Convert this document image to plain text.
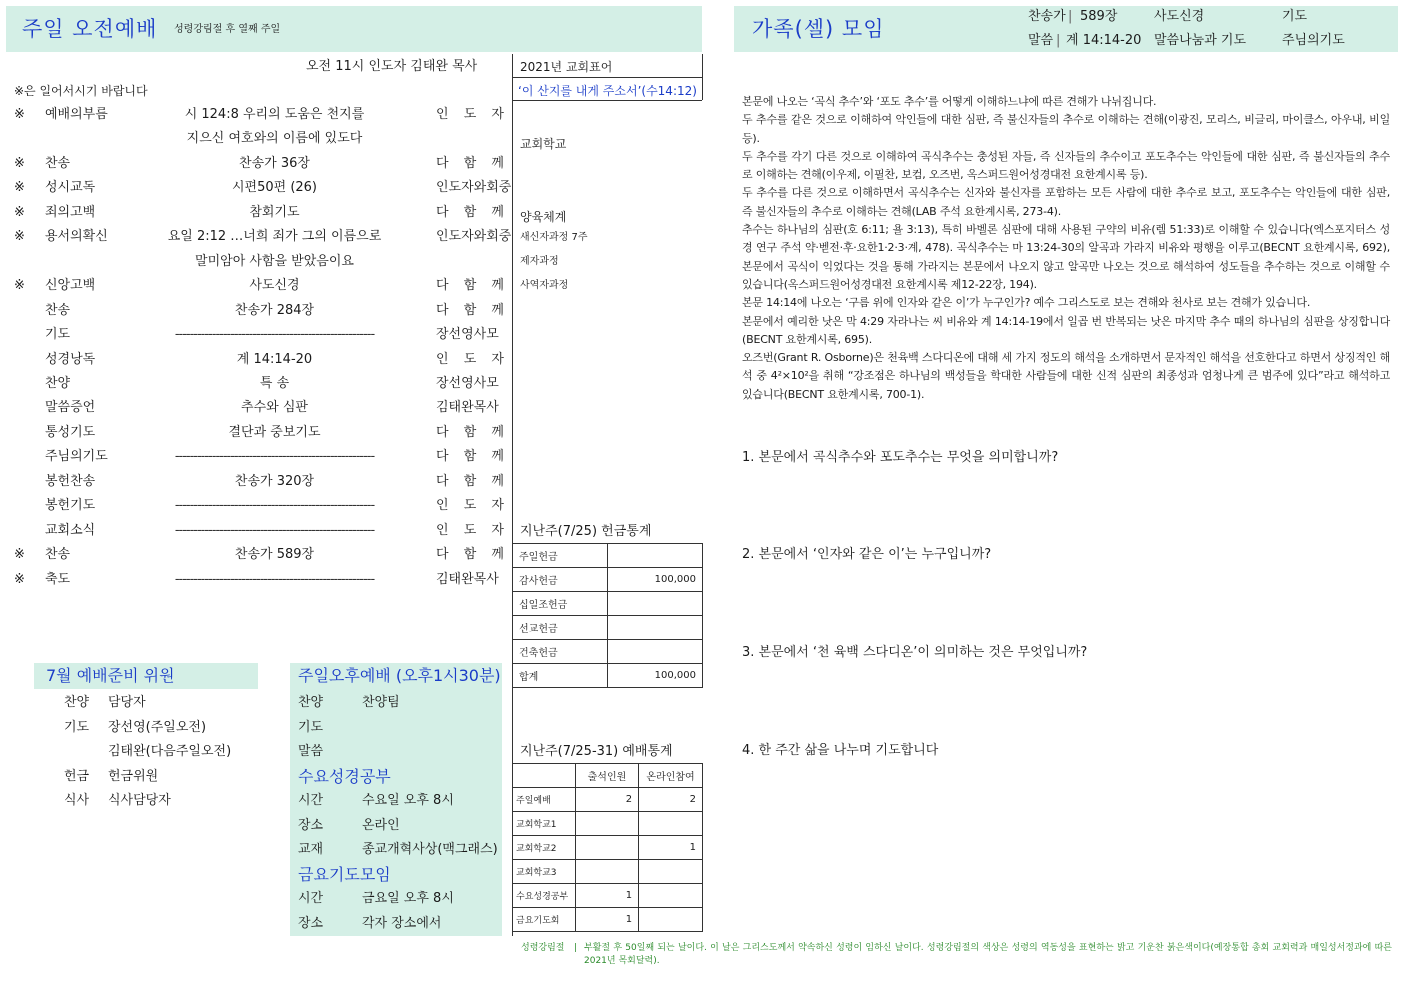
주일 오전예배 성령강림절 후 열째 주일
오전 11시 인도자 김태완 목사
※은 일어서시기 바랍니다
※ 예배의부름	시 124:8 우리의 도움은 천지를	인 도 자
지으신 여호와의 이름에 있도다
※ 찬송	찬송가 36장	다 함 께
※ 성시교독	시편50편 (26)	인도자와회중
※ 죄의고백	참회기도	다 함 께
※ 용서의확신	요일 2:12 …너희 죄가 그의 이름으로	인도자와회중
말미암아 사함을 받았음이요
※ 신앙고백	사도신경	다 함 께
찬송	찬송가 284장	다 함 께
기도	------------------------------------------------------	장선영사모
성경낭독	계 14:14-20	인 도 자
찬양	특 송	장선영사모
말씀증언	추수와 심판	김태완목사
통성기도	결단과 중보기도	다 함 께
주님의기도	------------------------------------------------------	다 함 께
봉헌찬송	찬송가 320장	다 함 께
봉헌기도	------------------------------------------------------	인 도 자
교회소식	------------------------------------------------------	인 도 자
※ 찬송	찬송가 589장	다 함 께
※ 축도	------------------------------------------------------	김태완목사
2021년 교회표어
‘이 산지를 내게 주소서’(수14:12)
교회학교
양육체계
새신자과정 7주
제자과정
사역자과정
지난주(7/25) 헌금통계
주일헌금	
감사헌금	100,000
십일조헌금	
선교헌금	
건축헌금	
합계	100,000
지난주(7/25-31) 예배통계
	출석인원	온라인참여
주일예배	2	2
교회학교1		
교회학교2		1
교회학교3		
수요성경공부	1	
금요기도회	1	
7월 예배준비 위원
찬양 담당자
기도 장선영(주일오전)
김태완(다음주일오전)
헌금 헌금위원
식사 식사담당자
주일오후예배 (오후1시30분)
찬양	찬양팀
기도
말씀
수요성경공부
시간	수요일 오후 8시
장소	온라인
교재	종교개혁사상(맥그래스)
금요기도모임
시간	금요일 오후 8시
장소	각자 장소에서
성령강림절 | 부활절 후 50일째 되는 날이다. 이 날은 그리스도께서 약속하신 성령이 임하신 날이다. 성령강림절의 색상은 성령의 역동성을 표현하는 밝고 기운찬 붉은색이다(예장통합 총회 교회력과 매일성서정과에 따른 2021년 목회달력).
가족(셀) 모임
찬송가 | 589장	사도신경	기도
말씀 | 계 14:14-20 말씀나눔과 기도	주님의기도

본문에 나오는 ‘곡식 추수’와 ‘포도 추수’를 어떻게 이해하느냐에 따른 견해가 나뉘집니다.

두 추수를 같은 것으로 이해하여 악인들에 대한 심판, 즉 불신자들의 추수로 이해하는 견해(이광진, 모리스, 비글리, 마이클스, 아우내, 비일 등).

두 추수를 각기 다른 것으로 이해하여 곡식추수는 충성된 자들, 즉 신자들의 추수이고 포도추수는 악인들에 대한 심판, 즉 불신자들의 추수로 이해하는 견해(이우제, 이필찬, 보컴, 오즈번, 옥스퍼드원어성경대전 요한계시록 등).

두 추수를 다른 것으로 이해하면서 곡식추수는 신자와 불신자를 포함하는 모든 사람에 대한 추수로 보고, 포도추수는 악인들에 대한 심판, 즉 불신자들의 추수로 이해하는 견해(LAB 주석 요한계시록, 273-4).

추수는 하나님의 심판(호 6:11; 욜 3:13), 특히 바벨론 심판에 대해 사용된 구약의 비유(렘 51:33)로 이해할 수 있습니다(엑스포지터스 성경 연구 주석 약·벧전·후·요한1·2·3·계, 478). 곡식추수는 마 13:24-30의 알곡과 가라지 비유와 평행을 이루고(BECNT 요한계시록, 692), 본문에서 곡식이 익었다는 것을 통해 가라지는 본문에서 나오지 않고 알곡만 나오는 것으로 해석하여 성도들을 추수하는 것으로 이해할 수 있습니다(옥스퍼드원어성경대전 요한계시록 제12-22장, 194).

본문 14:14에 나오는 ‘구름 위에 인자와 같은 이’가 누구인가? 예수 그리스도로 보는 견해와 천사로 보는 견해가 있습니다.

본문에서 예리한 낫은 막 4:29 자라나는 씨 비유와 계 14:14-19에서 일곱 번 반복되는 낫은 마지막 추수 때의 하나님의 심판을 상징합니다(BECNT 요한계시록, 695).

오즈번(Grant R. Osborne)은 천육백 스다디온에 대해 세 가지 정도의 해석을 소개하면서 문자적인 해석을 선호한다고 하면서 상징적인 해석 중 4²×10²을 취해 “강조점은 하나님의 백성들을 학대한 사람들에 대한 신적 심판의 최종성과 엄청나게 큰 범주에 있다”라고 해석하고 있습니다(BECNT 요한계시록, 700-1).

1. 본문에서 곡식추수와 포도추수는 무엇을 의미합니까?
2. 본문에서 ‘인자와 같은 이’는 누구입니까?
3. 본문에서 ‘천 육백 스다디온’이 의미하는 것은 무엇입니까?
4. 한 주간 삶을 나누며 기도합니다
